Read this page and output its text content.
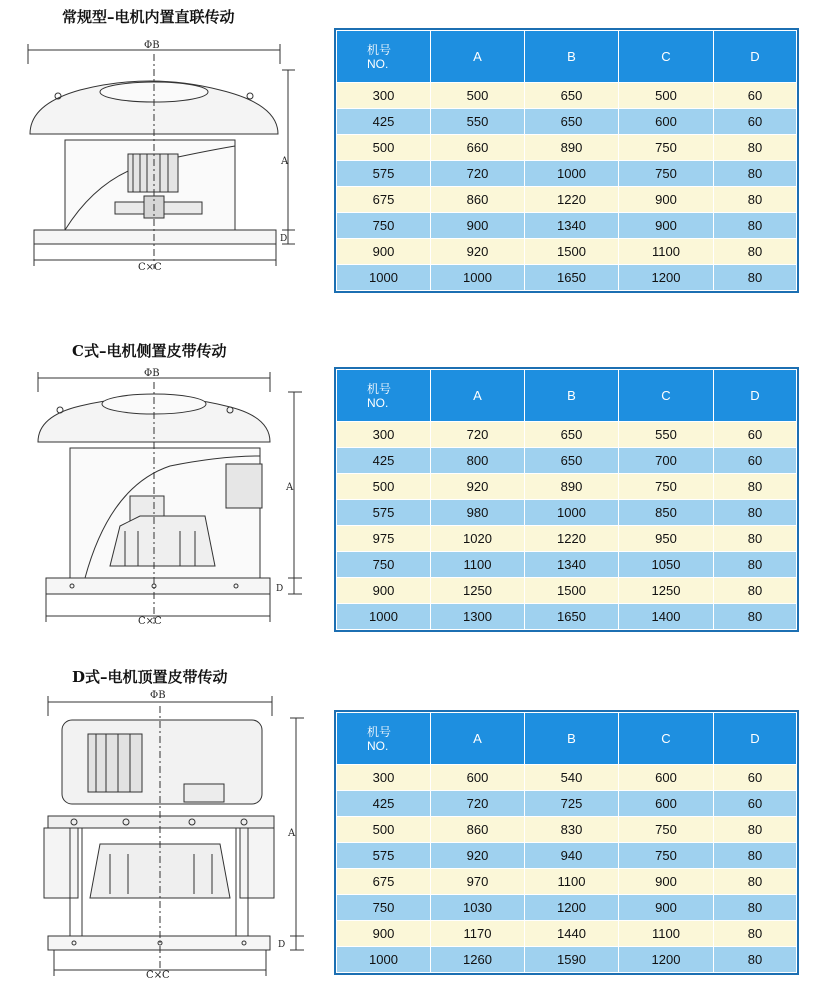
常规型–电机内置直联传动
ΦB
A
D
C×C
机号
NO.	A	B	C	D
300	500	650	500	60
425	550	650	600	60
500	660	890	750	80
575	720	1000	750	80
675	860	1220	900	80
750	900	1340	900	80
900	920	1500	1100	80
1000	1000	1650	1200	80
C式–电机侧置皮带传动
ΦB
A
D
C×C
机号
NO.	A	B	C	D
300	720	650	550	60
425	800	650	700	60
500	920	890	750	80
575	980	1000	850	80
975	1020	1220	950	80
750	1100	1340	1050	80
900	1250	1500	1250	80
1000	1300	1650	1400	80
D式–电机顶置皮带传动
ΦB
A
D
C×C
机号
NO.	A	B	C	D
300	600	540	600	60
425	720	725	600	60
500	860	830	750	80
575	920	940	750	80
675	970	1100	900	80
750	1030	1200	900	80
900	1170	1440	1100	80
1000	1260	1590	1200	80
